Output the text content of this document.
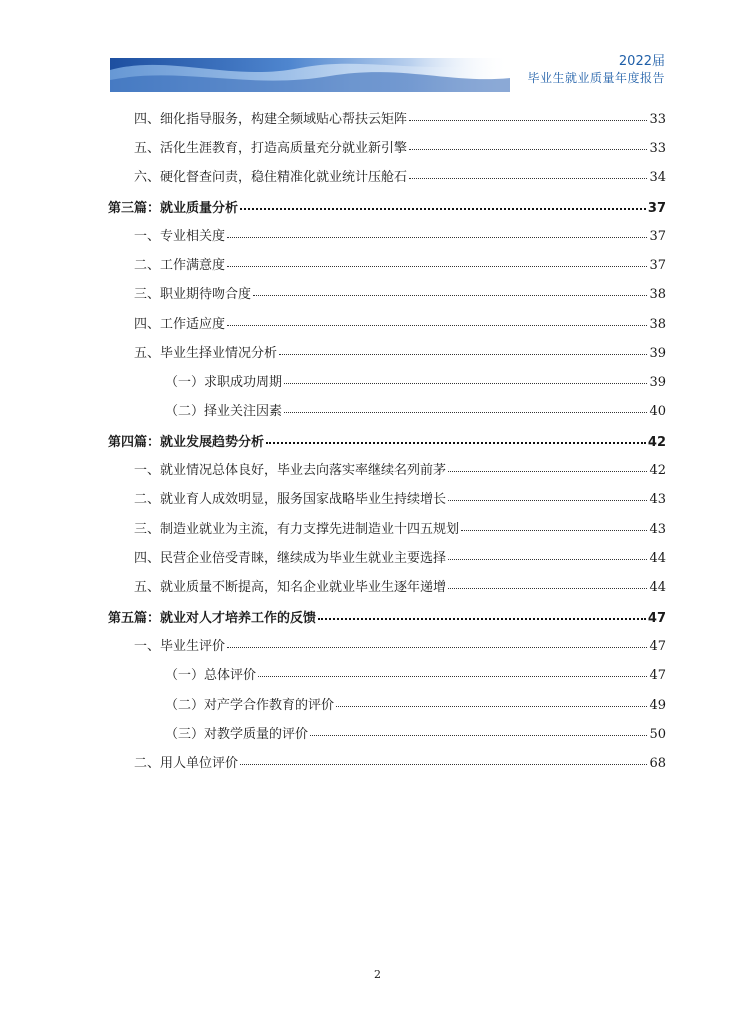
2022届
毕业生就业质量年度报告
四、细化指导服务，构建全频域贴心帮扶云矩阵	33
五、活化生涯教育，打造高质量充分就业新引擎	33
六、硬化督查问责，稳住精准化就业统计压舱石	34
第三篇：就业质量分析	37
一、专业相关度	37
二、工作满意度	37
三、职业期待吻合度	38
四、工作适应度	38
五、毕业生择业情况分析	39
（一）求职成功周期	39
（二）择业关注因素	40
第四篇：就业发展趋势分析	42
一、就业情况总体良好，毕业去向落实率继续名列前茅	42
二、就业育人成效明显，服务国家战略毕业生持续增长	43
三、制造业就业为主流，有力支撑先进制造业十四五规划	43
四、民营企业倍受青睐，继续成为毕业生就业主要选择	44
五、就业质量不断提高，知名企业就业毕业生逐年递增	44
第五篇：就业对人才培养工作的反馈	47
一、毕业生评价	47
（一）总体评价	47
（二）对产学合作教育的评价	49
（三）对教学质量的评价	50
二、用人单位评价	68
2
